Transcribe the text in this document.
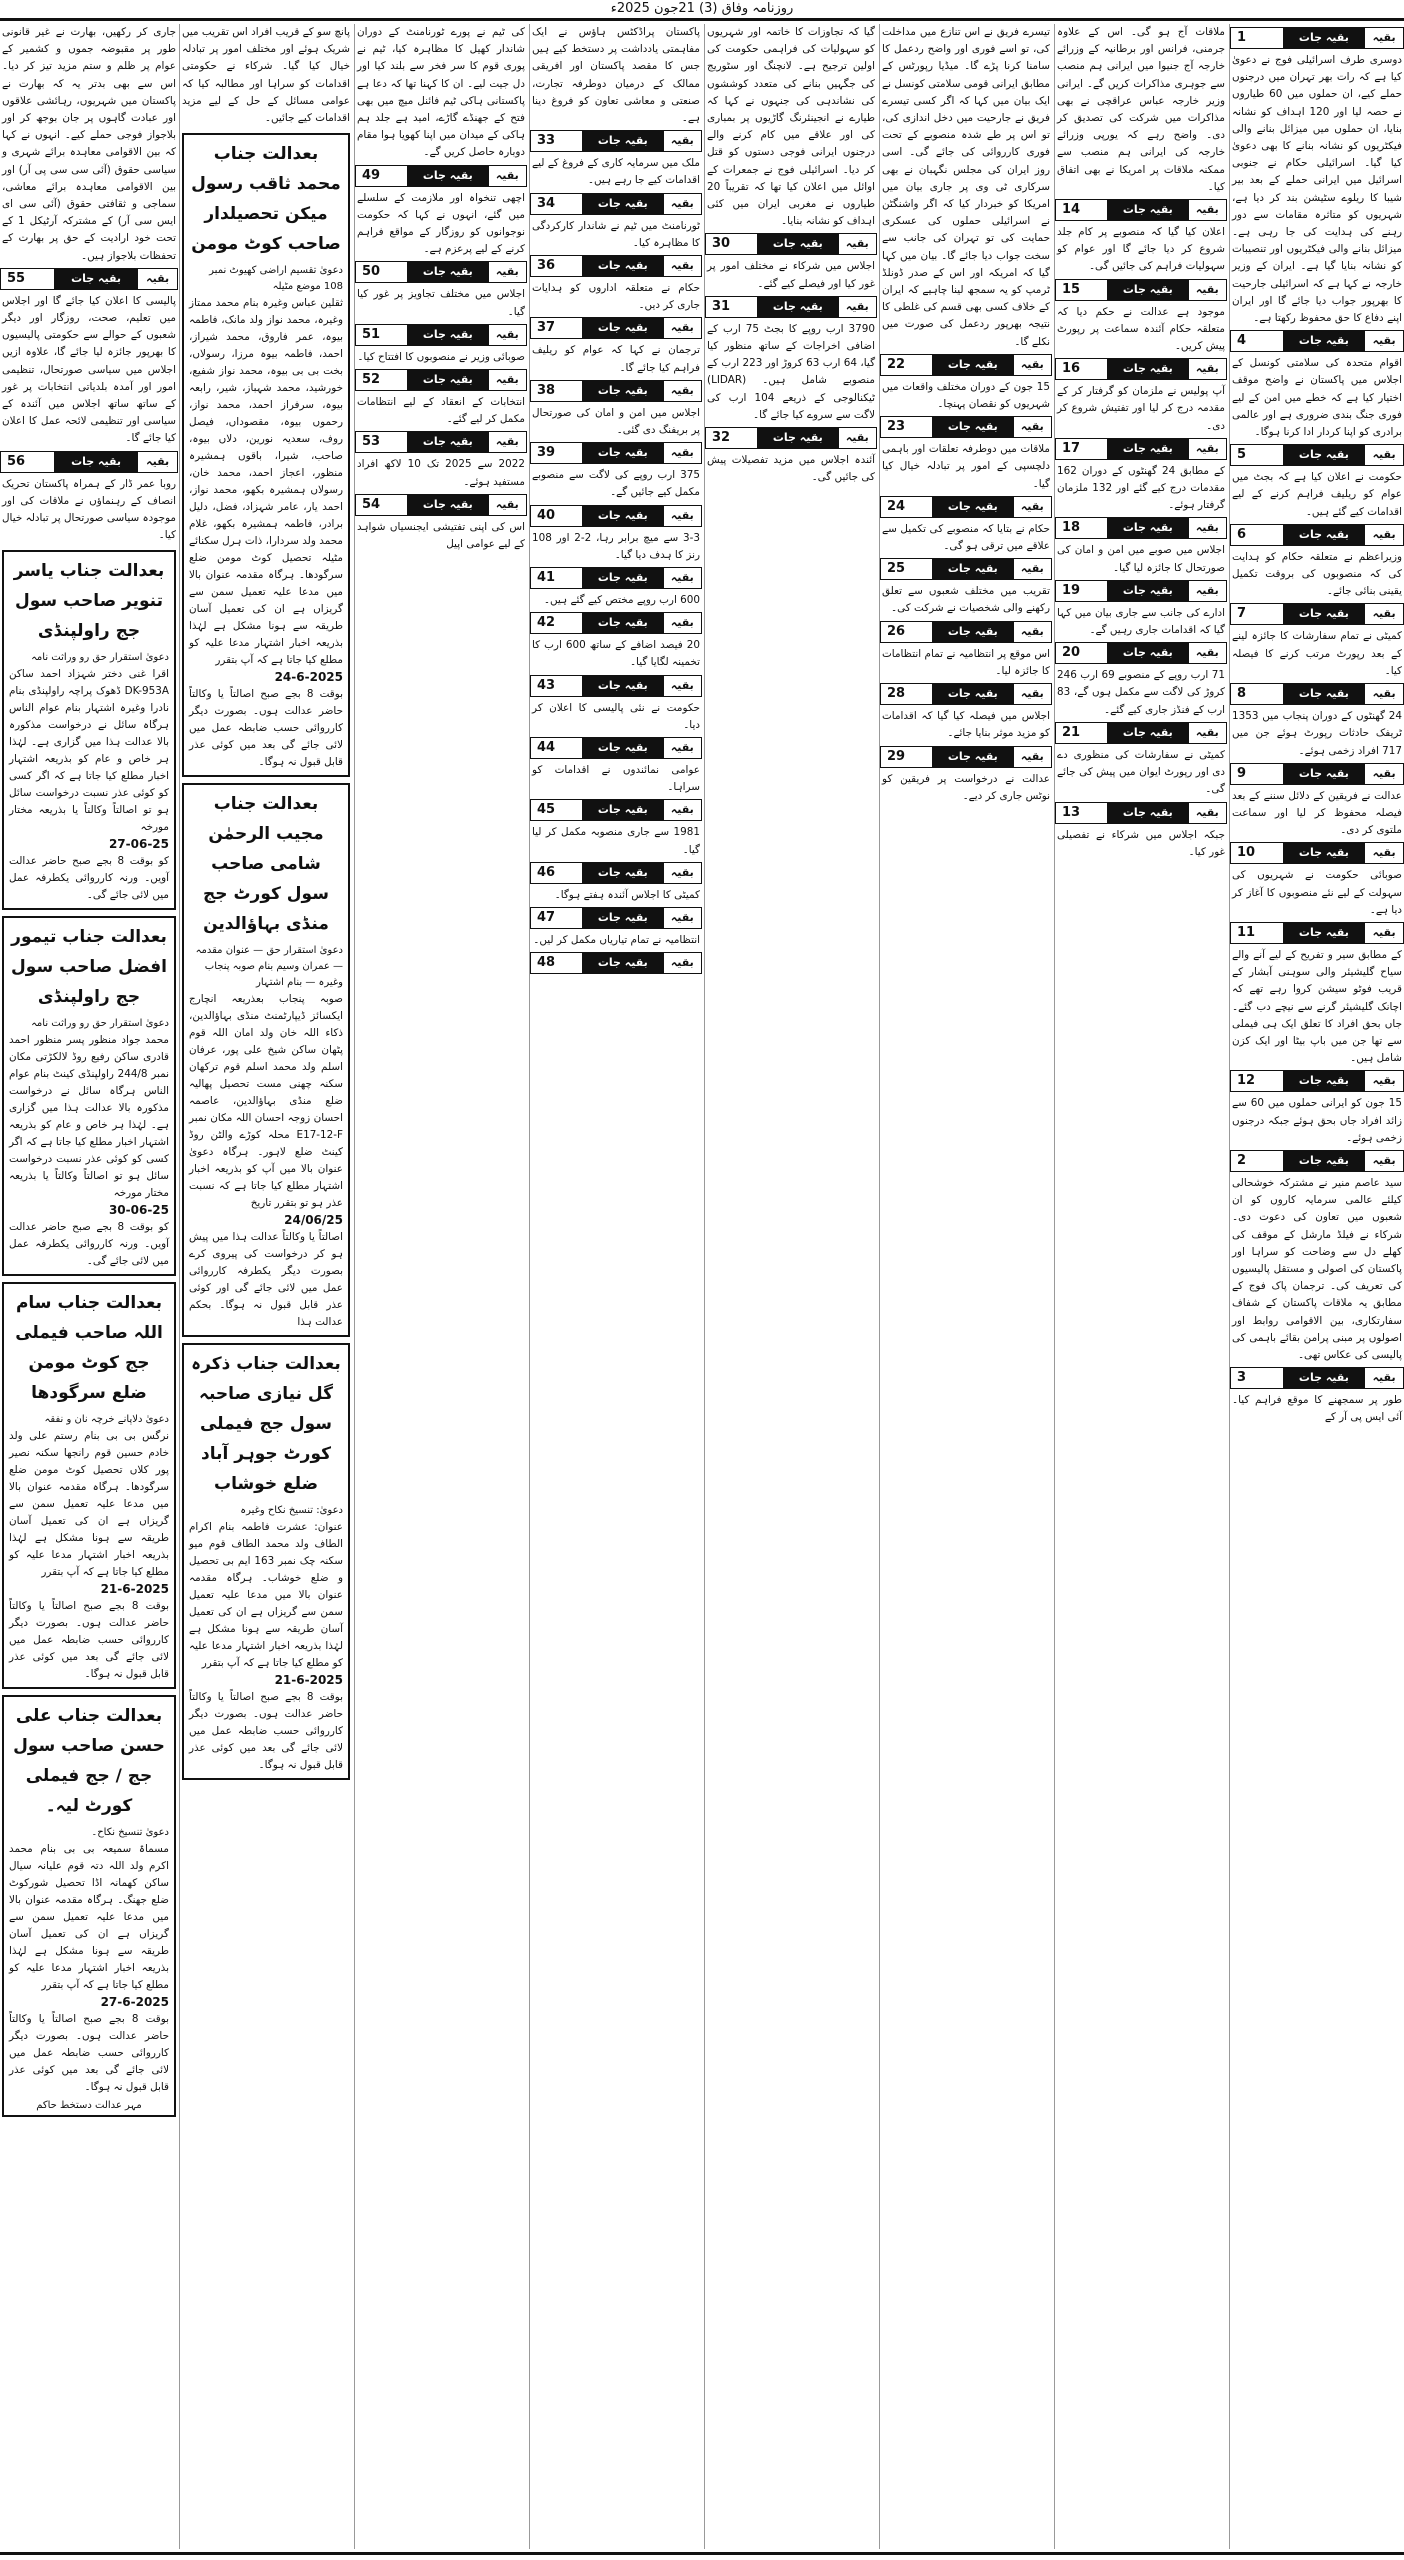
روزنامہ وفاق (3) 21جون 2025ء
1	بقیہ جات	بقیہ

دوسری طرف اسرائیلی فوج نے دعویٰ کیا ہے کہ رات بھر تہران میں درجنوں حملے کیے، ان حملوں میں 60 طیاروں نے حصہ لیا اور 120 اہداف کو نشانہ بنایا، ان حملوں میں میزائل بنانے والی فیکٹریوں کو نشانہ بنانے کا بھی دعویٰ کیا گیا۔ اسرائیلی حکام نے جنوبی اسرائیل میں ایرانی حملے کے بعد بیر شیبا کا ریلوے سٹیشن بند کر دیا ہے، شہریوں کو متاثرہ مقامات سے دور رہنے کی ہدایت کی جا رہی ہے۔ میزائل بنانے والی فیکٹریوں اور تنصیبات کو نشانہ بنایا گیا ہے۔ ایران کے وزیر خارجہ نے کہا ہے کہ اسرائیلی جارحیت کا بھرپور جواب دیا جائے گا اور ایران اپنے دفاع کا حق محفوظ رکھتا ہے۔

4	بقیہ جات	بقیہ

اقوام متحدہ کی سلامتی کونسل کے اجلاس میں پاکستان نے واضح موقف اختیار کیا ہے کہ خطے میں امن کے لیے فوری جنگ بندی ضروری ہے اور عالمی برادری کو اپنا کردار ادا کرنا ہوگا۔

5	بقیہ جات	بقیہ

حکومت نے اعلان کیا ہے کہ بجٹ میں عوام کو ریلیف فراہم کرنے کے لیے اقدامات کیے گئے ہیں۔

6	بقیہ جات	بقیہ

وزیراعظم نے متعلقہ حکام کو ہدایت کی کہ منصوبوں کی بروقت تکمیل یقینی بنائی جائے۔

7	بقیہ جات	بقیہ

کمیٹی نے تمام سفارشات کا جائزہ لینے کے بعد رپورٹ مرتب کرنے کا فیصلہ کیا۔

8	بقیہ جات	بقیہ

24 گھنٹوں کے دوران پنجاب میں 1353 ٹریفک حادثات رپورٹ ہوئے جن میں 717 افراد زخمی ہوئے۔

9	بقیہ جات	بقیہ

عدالت نے فریقین کے دلائل سننے کے بعد فیصلہ محفوظ کر لیا اور سماعت ملتوی کر دی۔

10	بقیہ جات	بقیہ

صوبائی حکومت نے شہریوں کی سہولت کے لیے نئے منصوبوں کا آغاز کر دیا ہے۔

11	بقیہ جات	بقیہ

کے مطابق سیر و تفریح کے لیے آنے والے سیاح گلیشیئر والی سوہنی آبشار کے قریب فوٹو سیشن کروا رہے تھے کہ اچانک گلیشیئر گرنے سے نیچے دب گئے۔ جاں بحق افراد کا تعلق ایک ہی فیملی سے تھا جن میں باپ بیٹا اور ایک کزن شامل ہیں۔

12	بقیہ جات	بقیہ

15 جون کو ایرانی حملوں میں 60 سے زائد افراد جاں بحق ہوئے جبکہ درجنوں زخمی ہوئے۔

2	بقیہ جات	بقیہ

سید عاصم منیر نے مشترکہ خوشحالی کیلئے عالمی سرمایہ کاروں کو ان شعبوں میں تعاون کی دعوت دی۔ شرکاء نے فیلڈ مارشل کے موقف کی کھلے دل سے وضاحت کو سراہا اور پاکستان کی اصولی و مستقل پالیسیوں کی تعریف کی۔ ترجمان پاک فوج کے مطابق یہ ملاقات پاکستان کے شفاف سفارتکاری، بین الاقوامی روابط اور اصولوں پر مبنی پرامن بقائے باہمی کی پالیسی کی عکاس تھی۔

3	بقیہ جات	بقیہ

طور پر سمجھنے کا موقع فراہم کیا۔ آئی ایس پی آر کے

ملاقات آج ہو گی۔ اس کے علاوہ جرمنی، فرانس اور برطانیہ کے وزرائے خارجہ آج جنیوا میں ایرانی ہم منصب سے جوہری مذاکرات کریں گے۔ ایرانی وزیر خارجہ عباس عراقچی نے بھی مذاکرات میں شرکت کی تصدیق کر دی۔ واضح رہے کہ یورپی وزرائے خارجہ کی ایرانی ہم منصب سے ممکنہ ملاقات پر امریکا نے بھی اتفاق کیا۔

14	بقیہ جات	بقیہ

اعلان کیا گیا کہ منصوبے پر کام جلد شروع کر دیا جائے گا اور عوام کو سہولیات فراہم کی جائیں گی۔

15	بقیہ جات	بقیہ

موجود ہے عدالت نے حکم دیا کہ متعلقہ حکام آئندہ سماعت پر رپورٹ پیش کریں۔

16	بقیہ جات	بقیہ

آپ پولیس نے ملزمان کو گرفتار کر کے مقدمہ درج کر لیا اور تفتیش شروع کر دی۔

17	بقیہ جات	بقیہ

کے مطابق 24 گھنٹوں کے دوران 162 مقدمات درج کیے گئے اور 132 ملزمان گرفتار ہوئے۔

18	بقیہ جات	بقیہ

اجلاس میں صوبے میں امن و امان کی صورتحال کا جائزہ لیا گیا۔

19	بقیہ جات	بقیہ

ادارے کی جانب سے جاری بیان میں کہا گیا کہ اقدامات جاری رہیں گے۔

20	بقیہ جات	بقیہ

71 ارب روپے کے منصوبے 69 ارب 246 کروڑ کی لاگت سے مکمل ہوں گے، 83 ارب کے فنڈز جاری کیے گئے۔

21	بقیہ جات	بقیہ

کمیٹی نے سفارشات کی منظوری دے دی اور رپورٹ ایوان میں پیش کی جائے گی۔

13	بقیہ جات	بقیہ

جبکہ اجلاس میں شرکاء نے تفصیلی غور کیا۔

تیسرے فریق نے اس تنازع میں مداخلت کی، تو اسے فوری اور واضح ردعمل کا سامنا کرنا پڑے گا۔ میڈیا رپورٹس کے مطابق ایرانی قومی سلامتی کونسل نے ایک بیان میں کہا کہ اگر کسی تیسرے فریق نے جارحیت میں دخل اندازی کی، تو اس پر طے شدہ منصوبے کے تحت فوری کارروائی کی جائے گی۔ اسی روز ایران کی مجلس نگہبان نے بھی سرکاری ٹی وی پر جاری بیان میں امریکا کو خبردار کیا کہ اگر واشنگٹن نے اسرائیلی حملوں کی عسکری حمایت کی تو تہران کی جانب سے سخت جواب دیا جائے گا۔ بیان میں کہا گیا کہ امریکہ اور اس کے صدر ڈونلڈ ٹرمپ کو یہ سمجھ لینا چاہیے کہ ایران کے خلاف کسی بھی قسم کی غلطی کا نتیجہ بھرپور ردعمل کی صورت میں نکلے گا۔

22	بقیہ جات	بقیہ

15 جون کے دوران مختلف واقعات میں شہریوں کو نقصان پہنچا۔

23	بقیہ جات	بقیہ

ملاقات میں دوطرفہ تعلقات اور باہمی دلچسپی کے امور پر تبادلہ خیال کیا گیا۔

24	بقیہ جات	بقیہ

حکام نے بتایا کہ منصوبے کی تکمیل سے علاقے میں ترقی ہو گی۔

25	بقیہ جات	بقیہ

تقریب میں مختلف شعبوں سے تعلق رکھنے والی شخصیات نے شرکت کی۔

26	بقیہ جات	بقیہ

اس موقع پر انتظامیہ نے تمام انتظامات کا جائزہ لیا۔

28	بقیہ جات	بقیہ

اجلاس میں فیصلہ کیا گیا کہ اقدامات کو مزید موثر بنایا جائے۔

29	بقیہ جات	بقیہ

عدالت نے درخواست پر فریقین کو نوٹس جاری کر دیے۔

گیا کہ تجاوزات کا خاتمہ اور شہریوں کو سہولیات کی فراہمی حکومت کی اولین ترجیح ہے۔ لانچنگ اور سٹوریج کی جگہیں بنانے کی متعدد کوششوں کی نشاندہی کی جنہوں نے کہا کہ طیارے نے انجینئرنگ گاڑیوں پر بمباری کی اور علاقے میں کام کرنے والے درجنوں ایرانی فوجی دستوں کو قتل کر دیا۔ اسرائیلی فوج نے جمعرات کے اوائل میں اعلان کیا تھا کہ تقریباً 20 طیاروں نے مغربی ایران میں کئی اہداف کو نشانہ بنایا۔

30	بقیہ جات	بقیہ

اجلاس میں شرکاء نے مختلف امور پر غور کیا اور فیصلے کیے گئے۔

31	بقیہ جات	بقیہ

3790 ارب روپے کا بجٹ 75 ارب کے اضافی اخراجات کے ساتھ منظور کیا گیا، 64 ارب 63 کروڑ اور 223 ارب کے منصوبے شامل ہیں۔ (LIDAR) ٹیکنالوجی کے ذریعے 104 ارب کی لاگت سے سروے کیا جائے گا۔

32	بقیہ جات	بقیہ

آئندہ اجلاس میں مزید تفصیلات پیش کی جائیں گی۔

پاکستان پراڈکٹس ہاؤس نے ایک مفاہمتی یادداشت پر دستخط کیے ہیں جس کا مقصد پاکستان اور افریقی ممالک کے درمیان دوطرفہ تجارت، صنعتی و معاشی تعاون کو فروغ دینا ہے۔

33	بقیہ جات	بقیہ

ملک میں سرمایہ کاری کے فروغ کے لیے اقدامات کیے جا رہے ہیں۔

34	بقیہ جات	بقیہ

ٹورنامنٹ میں ٹیم نے شاندار کارکردگی کا مظاہرہ کیا۔

36	بقیہ جات	بقیہ

حکام نے متعلقہ اداروں کو ہدایات جاری کر دیں۔

37	بقیہ جات	بقیہ

ترجمان نے کہا کہ عوام کو ریلیف فراہم کیا جائے گا۔

38	بقیہ جات	بقیہ

اجلاس میں امن و امان کی صورتحال پر بریفنگ دی گئی۔

39	بقیہ جات	بقیہ

375 ارب روپے کی لاگت سے منصوبے مکمل کیے جائیں گے۔

40	بقیہ جات	بقیہ

3-3 سے میچ برابر رہا، 2-2 اور 108 رنز کا ہدف دیا گیا۔

41	بقیہ جات	بقیہ

600 ارب روپے مختص کیے گئے ہیں۔

42	بقیہ جات	بقیہ

20 فیصد اضافے کے ساتھ 600 ارب کا تخمینہ لگایا گیا۔

43	بقیہ جات	بقیہ

حکومت نے نئی پالیسی کا اعلان کر دیا۔

44	بقیہ جات	بقیہ

عوامی نمائندوں نے اقدامات کو سراہا۔

45	بقیہ جات	بقیہ

1981 سے جاری منصوبہ مکمل کر لیا گیا۔

46	بقیہ جات	بقیہ

کمیٹی کا اجلاس آئندہ ہفتے ہوگا۔

47	بقیہ جات	بقیہ

انتظامیہ نے تمام تیاریاں مکمل کر لیں۔

48	بقیہ جات	بقیہ

کی ٹیم نے پورے ٹورنامنٹ کے دوران شاندار کھیل کا مظاہرہ کیا، ٹیم نے پوری قوم کا سر فخر سے بلند کیا اور دل جیت لیے۔ ان کا کہنا تھا کہ دعا ہے پاکستانی ہاکی ٹیم فائنل میچ میں بھی فتح کے جھنڈے گاڑے، امید ہے جلد ہم ہاکی کے میدان میں اپنا کھویا ہوا مقام دوبارہ حاصل کریں گے۔

49	بقیہ جات	بقیہ

اچھی تنخواہ اور ملازمت کے سلسلے میں گئے، انہوں نے کہا کہ حکومت نوجوانوں کو روزگار کے مواقع فراہم کرنے کے لیے پرعزم ہے۔

50	بقیہ جات	بقیہ

اجلاس میں مختلف تجاویز پر غور کیا گیا۔

51	بقیہ جات	بقیہ

صوبائی وزیر نے منصوبوں کا افتتاح کیا۔

52	بقیہ جات	بقیہ

انتخابات کے انعقاد کے لیے انتظامات مکمل کر لیے گئے۔

53	بقیہ جات	بقیہ

2022 سے 2025 تک 10 لاکھ افراد مستفید ہوئے۔

54	بقیہ جات	بقیہ

اس کی اپنی تفتیشی ایجنسیاں شواہد کے لیے عوامی اپیل

پانچ سو کے قریب افراد اس تقریب میں شریک ہوئے اور مختلف امور پر تبادلہ خیال کیا گیا۔ شرکاء نے حکومتی اقدامات کو سراہا اور مطالبہ کیا کہ عوامی مسائل کے حل کے لیے مزید اقدامات کیے جائیں۔

بعدالت جناب محمد ثاقب رسول میکن تحصیلدار صاحب کوٹ مومن
دعویٰ تقسیم اراضی کھیوٹ نمبر 108 موضع مٹیلہ
ثقلین عباس وغیرہ بنام محمد ممتاز وغیرہ، محمد نواز ولد مانک، فاطمہ بیوہ، عمر فاروق، محمد شیراز، احمد، فاطمہ بیوہ مرزا، رسولاں، بخت بی بی بیوہ، محمد نواز شفیع، خورشید، محمد شہباز، شیر، رابعہ بیوہ، سرفراز احمد، محمد نواز، رحموں بیوہ، مقصوداں، فیصل روف، سعدیہ نورین، دلاں بیوہ، صاحب، شیرا، باقوں ہمشیرہ منظور، اعجاز احمد، محمد خان، رسولاں ہمشیرہ بکھو، محمد نواز، احمد یار، عامر شہزاد، فضل، دلیل برادر، فاطمہ ہمشیرہ بکھو، غلام محمد ولد سردارا، ذات ہرل سکنائے مٹیلہ تحصیل کوٹ مومن ضلع سرگودھا۔ ہرگاہ مقدمہ عنوان بالا میں مدعا علیہ تعمیل سمن سے گریزاں ہے ان کی تعمیل آسان طریقہ سے ہونا مشکل ہے لہٰذا بذریعہ اخبار اشتہار مدعا علیہ کو مطلع کیا جاتا ہے کہ آپ بتقرر
24-6-2025
بوقت 8 بجے صبح اصالتاً یا وکالتاً حاضر عدالت ہوں۔ بصورت دیگر کارروائی حسب ضابطہ عمل میں لائی جائے گی بعد میں کوئی عذر قابل قبول نہ ہوگا۔
بعدالت جناب مجیب الرحمٰن شامی صاحب سول کورٹ جج منڈی بہاؤالدین
دعویٰ استقرار حق — عنوان مقدمہ — عمران وسیم بنام صوبہ پنجاب وغیرہ — بنام اشتہار
صوبہ پنجاب بعذریعہ انچارج ایکسائز ڈیپارٹمنٹ منڈی بہاؤالدین، ذکاء اللہ خان ولد امان اللہ قوم پٹھان ساکن شیخ علی پور، عرفان اسلم ولد محمد اسلم قوم ترکھان سکنہ چھنی مست تحصیل پھالیہ ضلع منڈی بہاؤالدین، عاصمہ احسان زوجہ احسان اللہ مکان نمبر E17-12-F محلہ کوڑے والٹن روڈ کینٹ ضلع لاہور۔ ہرگاہ دعویٰ عنوان بالا میں آپ کو بذریعہ اخبار اشتہار مطلع کیا جاتا ہے کہ نسبت عذر ہو تو بتقرر تاریخ
24/06/25
اصالتاً یا وکالتاً عدالت ہذا میں پیش ہو کر درخواست کی پیروی کرے بصورت دیگر یکطرفہ کارروائی عمل میں لائی جائے گی اور کوئی عذر قابل قبول نہ ہوگا۔ بحکم عدالت ہذا
بعدالت جناب ذکرہ گل نیازی صاحبہ سول جج فیملی کورٹ جوہر آباد ضلع خوشاب
دعویٰ: تنسیخ نکاح وغیرہ
عنوان: عشرت فاطمہ بنام اکرام الطاف ولد محمد الطاف قوم میو سکنہ چک نمبر 163 ایم بی تحصیل و ضلع خوشاب۔ ہرگاہ مقدمہ عنوان بالا میں مدعا علیہ تعمیل سمن سے گریزاں ہے ان کی تعمیل آسان طریقہ سے ہونا مشکل ہے لہٰذا بذریعہ اخبار اشتہار مدعا علیہ کو مطلع کیا جاتا ہے کہ آپ بتقرر
21-6-2025
بوقت 8 بجے صبح اصالتاً یا وکالتاً حاضر عدالت ہوں۔ بصورت دیگر کارروائی حسب ضابطہ عمل میں لائی جائے گی بعد میں کوئی عذر قابل قبول نہ ہوگا۔

جاری کر رکھیں، بھارت نے غیر قانونی طور پر مقبوضہ جموں و کشمیر کے عوام پر ظلم و ستم مزید تیز کر دیا۔ اس سے بھی بدتر یہ کہ بھارت نے پاکستان میں شہریوں، رہائشی علاقوں اور عبادت گاہوں پر جان بوجھ کر اور بلاجواز فوجی حملے کیے۔ انہوں نے کہا کہ بین الاقوامی معاہدہ برائے شہری و سیاسی حقوق (آئی سی سی پی آر) اور بین الاقوامی معاہدہ برائے معاشی، سماجی و ثقافتی حقوق (آئی سی ای ایس سی آر) کے مشترکہ آرٹیکل 1 کے تحت خود ارادیت کے حق پر بھارت کے تحفظات بلاجواز ہیں۔

55	بقیہ جات	بقیہ

پالیسی کا اعلان کیا جائے گا اور اجلاس میں تعلیم، صحت، روزگار اور دیگر شعبوں کے حوالے سے حکومتی پالیسیوں کا بھرپور جائزہ لیا جائے گا، علاوہ ازیں اجلاس میں سیاسی صورتحال، تنظیمی امور اور آمدہ بلدیاتی انتخابات پر غور کے ساتھ ساتھ اجلاس میں آئندہ کے سیاسی اور تنظیمی لائحہ عمل کا اعلان کیا جائے گا۔

56	بقیہ جات	بقیہ

روبا عمر ڈار کے ہمراہ پاکستان تحریک انصاف کے رہنماؤں نے ملاقات کی اور موجودہ سیاسی صورتحال پر تبادلہ خیال کیا۔

بعدالت جناب یاسر تنویر صاحب سول جج راولپنڈی
دعویٰ استقرار حق رو وراثت نامہ
اقرا غنی دختر شہزاد احمد ساکن DK-953A ڈھوک پراچہ راولپنڈی بنام نادرا وغیرہ اشتہار بنام عوام الناس ہرگاہ سائل نے درخواست مذکورہ بالا عدالت ہذا میں گزاری ہے۔ لہٰذا ہر خاص و عام کو بذریعہ اشتہار اخبار مطلع کیا جاتا ہے کہ اگر کسی کو کوئی عذر نسبت درخواست سائل ہو تو اصالتاً وکالتاً یا بذریعہ مختار مورخہ
27-06-25
کو بوقت 8 بجے صبح حاضر عدالت آویں۔ ورنہ کارروائی یکطرفہ عمل میں لائی جائے گی۔
بعدالت جناب تیمور افضل صاحب سول جج راولپنڈی
دعویٰ استقرار حق رو وراثت نامہ
محمد جواد منظور پسر منظور احمد قادری ساکن رفیع روڈ لالکڑتی مکان نمبر 244/8 راولپنڈی کینٹ بنام عوام الناس ہرگاہ سائل نے درخواست مذکورہ بالا عدالت ہذا میں گزاری ہے۔ لہٰذا ہر خاص و عام کو بذریعہ اشتہار اخبار مطلع کیا جاتا ہے کہ اگر کسی کو کوئی عذر نسبت درخواست سائل ہو تو اصالتاً وکالتاً یا بذریعہ مختار مورخہ
30-06-25
کو بوقت 8 بجے صبح حاضر عدالت آویں۔ ورنہ کارروائی یکطرفہ عمل میں لائی جائے گی۔
بعدالت جناب سام اللہ صاحب فیملی جج کوٹ مومن ضلع سرگودھا
دعویٰ دلاپانے خرچہ نان و نفقہ
نرگس بی بی بنام رستم علی ولد خادم حسین قوم رانجھا سکنہ نصیر پور کلاں تحصیل کوٹ مومن ضلع سرگودھا۔ ہرگاہ مقدمہ عنوان بالا میں مدعا علیہ تعمیل سمن سے گریزاں ہے ان کی تعمیل آسان طریقہ سے ہونا مشکل ہے لہٰذا بذریعہ اخبار اشتہار مدعا علیہ کو مطلع کیا جاتا ہے کہ آپ بتقرر
21-6-2025
بوقت 8 بجے صبح اصالتاً یا وکالتاً حاضر عدالت ہوں۔ بصورت دیگر کارروائی حسب ضابطہ عمل میں لائی جائے گی بعد میں کوئی عذر قابل قبول نہ ہوگا۔
بعدالت جناب علی حسن صاحب سول جج / جج فیملی کورٹ لیہ۔
دعویٰ تنسیخ نکاح۔
مسماۃ سمیعہ بی بی بنام محمد اکرم ولد اللہ دتہ قوم علیانہ سیال ساکن کھمانہ اڈا تحصیل شورکوٹ ضلع جھنگ۔ ہرگاہ مقدمہ عنوان بالا میں مدعا علیہ تعمیل سمن سے گریزاں ہے ان کی تعمیل آسان طریقہ سے ہونا مشکل ہے لہٰذا بذریعہ اخبار اشتہار مدعا علیہ کو مطلع کیا جاتا ہے کہ آپ بتقرر
27-6-2025
بوقت 8 بجے صبح اصالتاً یا وکالتاً حاضر عدالت ہوں۔ بصورت دیگر کارروائی حسب ضابطہ عمل میں لائی جائے گی بعد میں کوئی عذر قابل قبول نہ ہوگا۔
مہر عدالت دستخط حاکم
